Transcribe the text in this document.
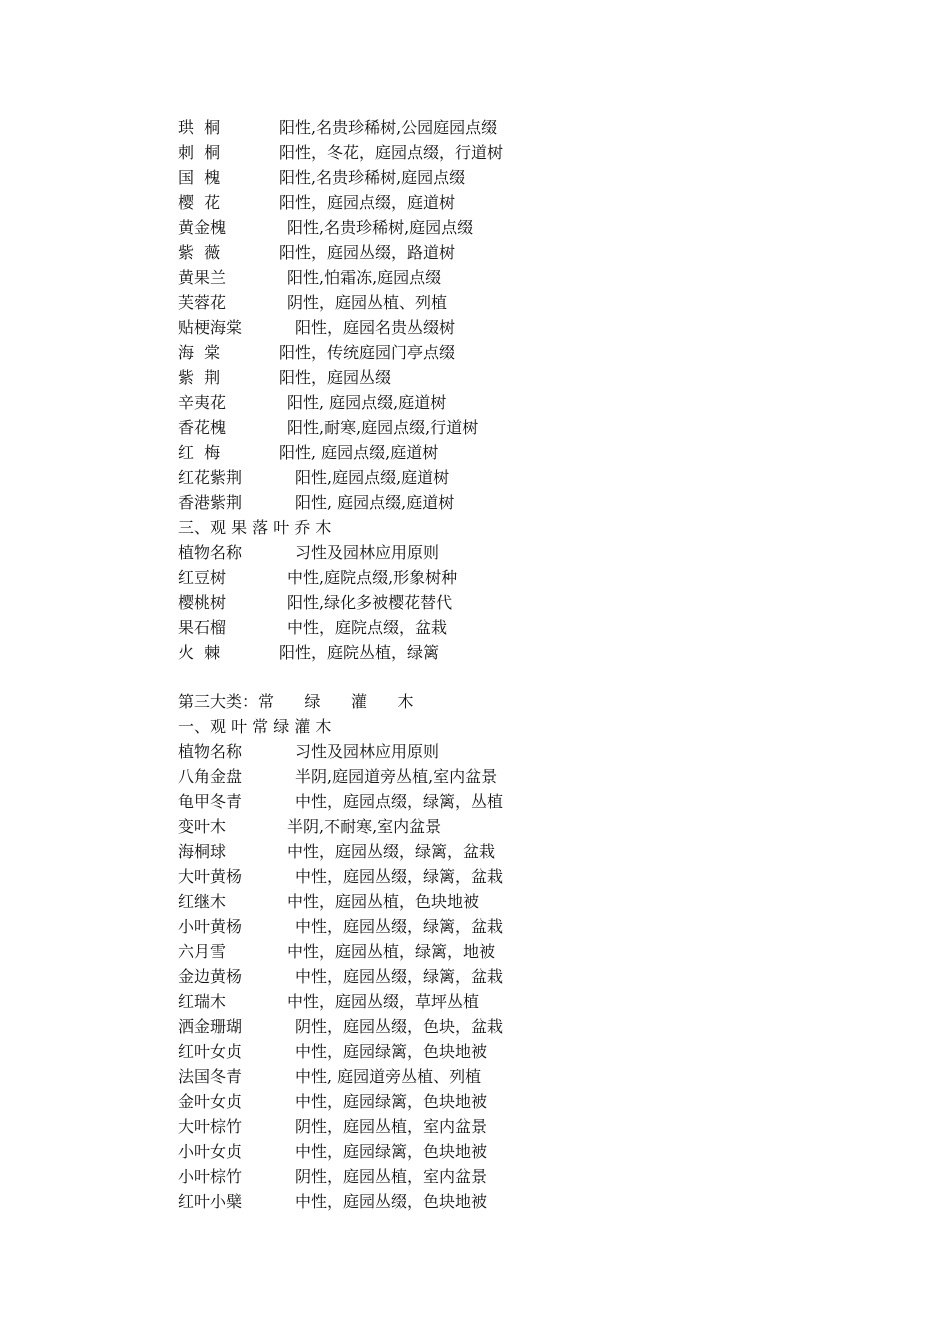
珙  桐	阳性,名贵珍稀树,公园庭园点缀
刺  桐	阳性，冬花，庭园点缀，行道树
国  槐	阳性,名贵珍稀树,庭园点缀
樱  花	阳性，庭园点缀，庭道树
黄金槐	阳性,名贵珍稀树,庭园点缀
紫  薇	阳性，庭园丛缀，路道树
黄果兰	阳性,怕霜冻,庭园点缀
芙蓉花	阴性，庭园丛植、列植
贴梗海棠	阳性，庭园名贵丛缀树
海  棠	阳性，传统庭园门亭点缀
紫  荆	阳性，庭园丛缀
辛夷花	阳性, 庭园点缀,庭道树
香花槐	阳性,耐寒,庭园点缀,行道树
红  梅	阳性, 庭园点缀,庭道树
红花紫荆	阳性,庭园点缀,庭道树
香港紫荆	阳性, 庭园点缀,庭道树
三、观 果 落 叶 乔 木
植物名称	习性及园林应用原则
红豆树	中性,庭院点缀,形象树种
樱桃树	阳性,绿化多被樱花替代
果石榴	中性，庭院点缀，盆栽
火  棘	阳性，庭院丛植，绿篱
第三大类：常      绿      灌      木
一、观 叶 常 绿 灌 木
植物名称	习性及园林应用原则
八角金盘	半阴,庭园道旁丛植,室内盆景
龟甲冬青	中性，庭园点缀，绿篱，丛植
变叶木	半阴,不耐寒,室内盆景
海桐球	中性，庭园丛缀，绿篱，盆栽
大叶黄杨	中性，庭园丛缀，绿篱，盆栽
红继木	中性，庭园丛植，色块地被
小叶黄杨	中性，庭园丛缀，绿篱，盆栽
六月雪	中性，庭园丛植，绿篱，地被
金边黄杨	中性，庭园丛缀，绿篱，盆栽
红瑞木	中性，庭园丛缀，草坪丛植
洒金珊瑚	阴性，庭园丛缀，色块，盆栽
红叶女贞	中性，庭园绿篱，色块地被
法国冬青	中性, 庭园道旁丛植、列植
金叶女贞	中性，庭园绿篱，色块地被
大叶棕竹	阴性，庭园丛植，室内盆景
小叶女贞	中性，庭园绿篱，色块地被
小叶棕竹	阴性，庭园丛植，室内盆景
红叶小檗	中性，庭园丛缀，色块地被
